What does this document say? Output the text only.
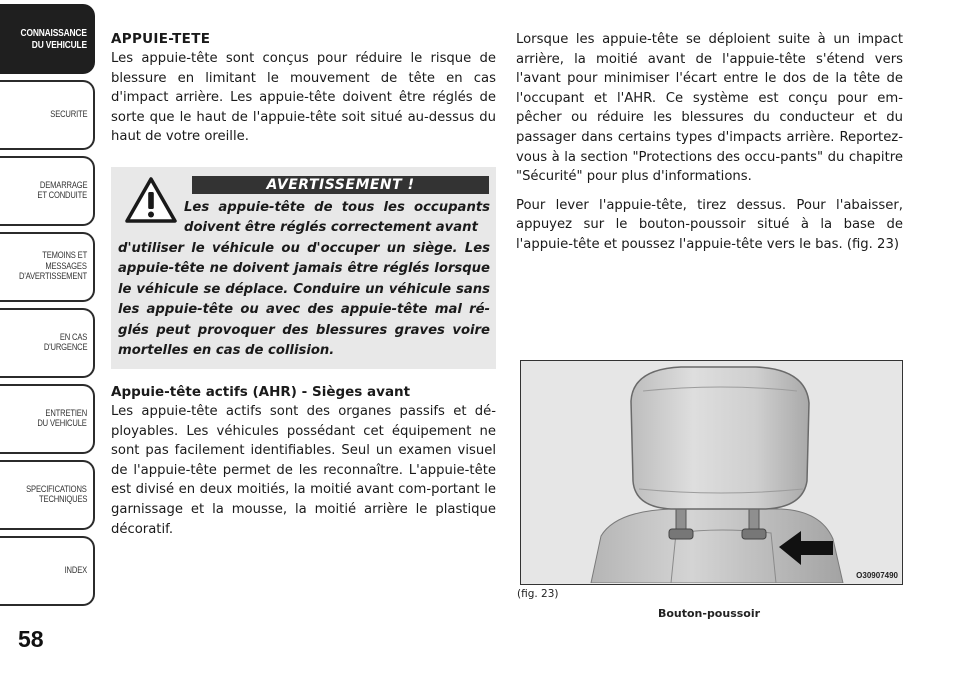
CONNAISSANCE
DU VEHICULE
SECURITE
DEMARRAGE
ET CONDUITE
TEMOINS ET
MESSAGES
D'AVERTISSEMENT
EN CAS
D'URGENCE
ENTRETIEN
DU VEHICULE
SPECIFICATIONS
TECHNIQUES
INDEX
58
APPUIE-TETE

Les appuie-tête sont conçus pour réduire le risque de blessure en limitant le mouvement de tête en cas d'impact arrière. Les appuie-tête doivent être réglés de sorte que le haut de l'appuie-tête soit situé au-dessus du haut de votre oreille.

AVERTISSEMENT !
Les appuie-tête de tous les occupants doivent être réglés correctement avant
d'utiliser le véhicule ou d'occuper un siège. Les appuie-tête ne doivent jamais être réglés lorsque le véhicule se déplace. Conduire un véhicule sans les appuie-tête ou avec des appuie-tête mal ré-glés peut provoquer des blessures graves voire mortelles en cas de collision.
Appuie-tête actifs (AHR) - Sièges avant

Les appuie-tête actifs sont des organes passifs et dé-ployables. Les véhicules possédant cet équipement ne sont pas facilement identifiables. Seul un examen visuel de l'appuie-tête permet de les reconnaître. L'appuie-tête est divisé en deux moitiés, la moitié avant com-portant le garnissage et la mousse, la moitié arrière le plastique décoratif.

Lorsque les appuie-tête se déploient suite à un impact arrière, la moitié avant de l'appuie-tête s'étend vers l'avant pour minimiser l'écart entre le dos de la tête de l'occupant et l'AHR. Ce système est conçu pour em-pêcher ou réduire les blessures du conducteur et du passager dans certains types d'impacts arrière. Reportez-vous à la section "Protections des occu-pants" du chapitre "Sécurité" pour plus d'informations.

Pour lever l'appuie-tête, tirez dessus. Pour l'abaisser, appuyez sur le bouton-poussoir situé à la base de l'appuie-tête et poussez l'appuie-tête vers le bas. (fig. 23)

O30907490
(fig. 23)
Bouton-poussoir
